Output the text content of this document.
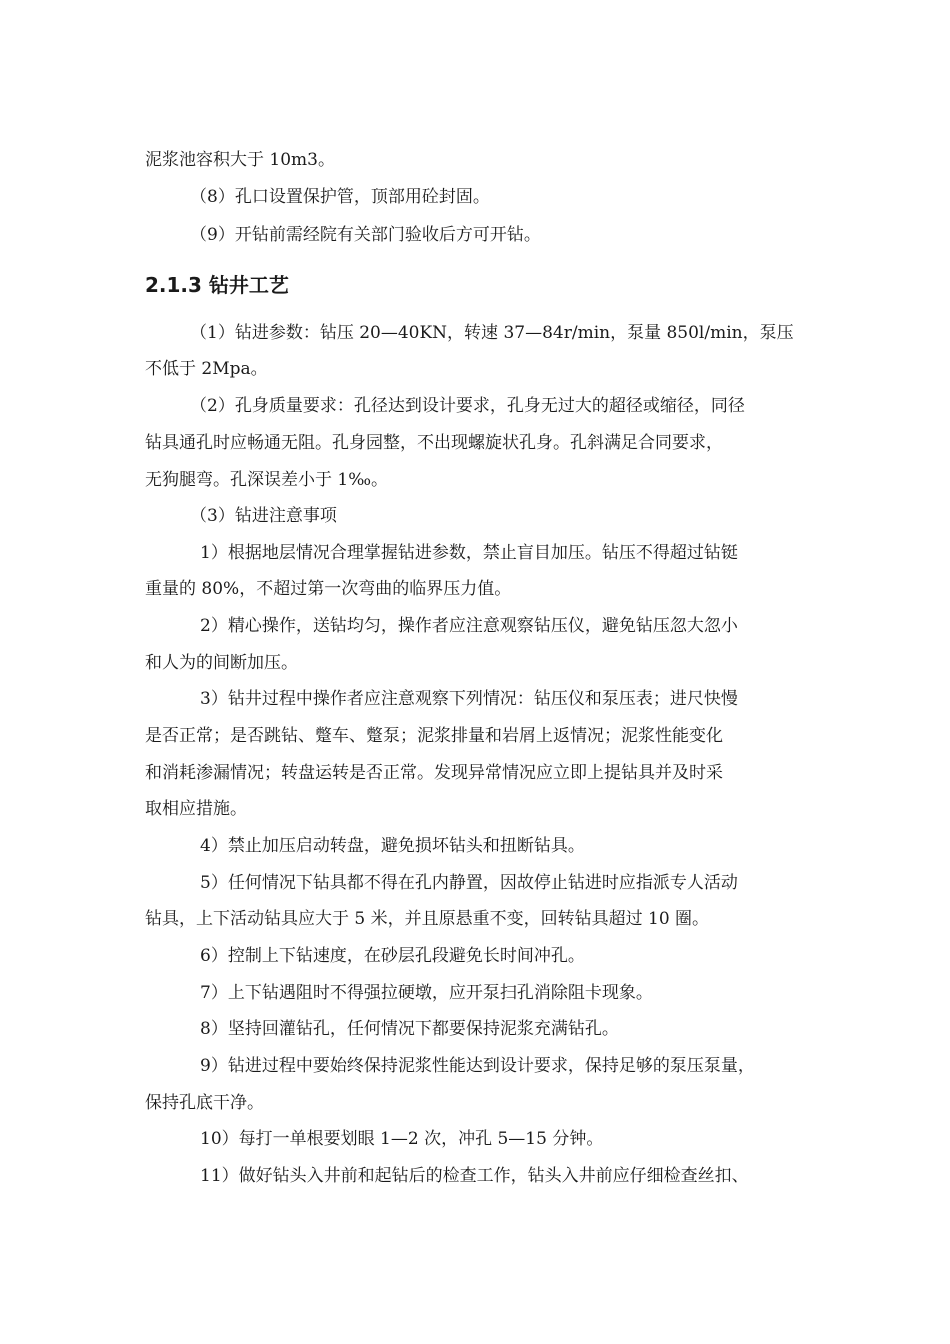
泥浆池容积大于 10m3。
（8）孔口设置保护管，顶部用砼封固。
（9）开钻前需经院有关部门验收后方可开钻。
2.1.3 钻井工艺
（1）钻进参数：钻压 20—40KN，转速 37—84r/min，泵量 850l/min，泵压
不低于 2Mpa。
（2）孔身质量要求：孔径达到设计要求，孔身无过大的超径或缩径，同径
钻具通孔时应畅通无阻。孔身园整，不出现螺旋状孔身。孔斜满足合同要求，
无狗腿弯。孔深误差小于 1‰。
（3）钻进注意事项
1）根据地层情况合理掌握钻进参数，禁止盲目加压。钻压不得超过钻铤
重量的 80%，不超过第一次弯曲的临界压力值。
2）精心操作，送钻均匀，操作者应注意观察钻压仪，避免钻压忽大忽小
和人为的间断加压。
3）钻井过程中操作者应注意观察下列情况：钻压仪和泵压表；进尺快慢
是否正常；是否跳钻、蹩车、蹩泵；泥浆排量和岩屑上返情况；泥浆性能变化
和消耗渗漏情况；转盘运转是否正常。发现异常情况应立即上提钻具并及时采
取相应措施。
4）禁止加压启动转盘，避免损坏钻头和扭断钻具。
5）任何情况下钻具都不得在孔内静置，因故停止钻进时应指派专人活动
钻具，上下活动钻具应大于 5 米，并且原悬重不变，回转钻具超过 10 圈。
6）控制上下钻速度，在砂层孔段避免长时间冲孔。
7）上下钻遇阻时不得强拉硬墩，应开泵扫孔消除阻卡现象。
8）坚持回灌钻孔，任何情况下都要保持泥浆充满钻孔。
9）钻进过程中要始终保持泥浆性能达到设计要求，保持足够的泵压泵量，
保持孔底干净。
10）每打一单根要划眼 1—2 次，冲孔 5—15 分钟。
11）做好钻头入井前和起钻后的检查工作，钻头入井前应仔细检查丝扣、
